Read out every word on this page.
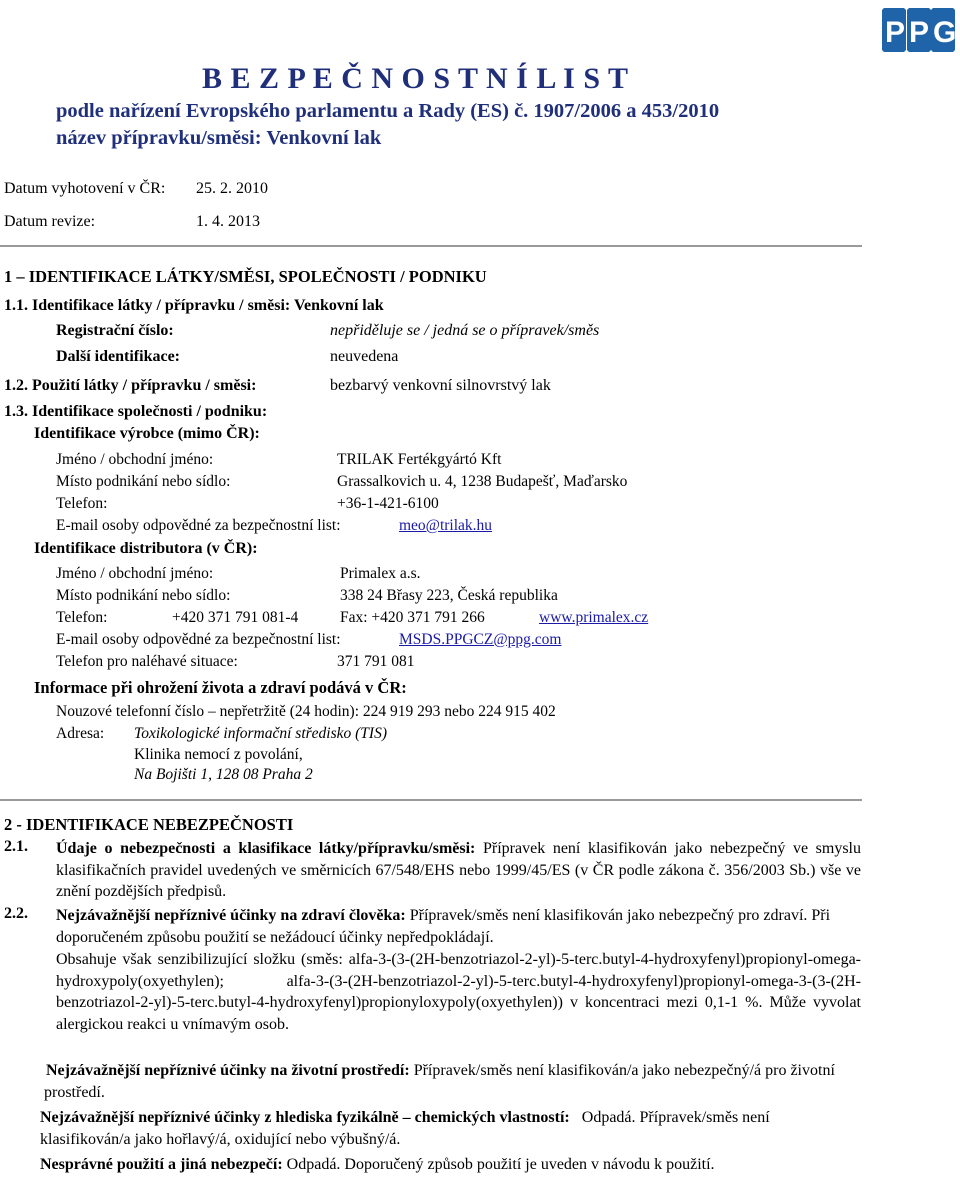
P P G
B E Z P E Č N O S T N Í L I S T
podle nařízení Evropského parlamentu a Rady (ES) č. 1907/2006 a 453/2010
název přípravku/směsi: Venkovní lak
Datum vyhotovení v ČR: 25. 2. 2010
Datum revize:	1. 4. 2013
1 – IDENTIFIKACE LÁTKY/SMĚSI, SPOLEČNOSTI / PODNIKU
1.1. Identifikace látky / přípravku / směsi: Venkovní lak
Registrační číslo:	nepřiděluje se / jedná se o přípravek/směs
Další identifikace:	neuvedena
1.2. Použití látky / přípravku / směsi:	bezbarvý venkovní silnovrstvý lak
1.3. Identifikace společnosti / podniku:
Identifikace výrobce (mimo ČR):
Jméno / obchodní jméno:	TRILAK Fertékgyártó Kft
Místo podnikání nebo sídlo:	Grassalkovich u. 4, 1238 Budapešť, Maďarsko
Telefon:	+36-1-421-6100
E-mail osoby odpovědné za bezpečnostní list:	meo@trilak.hu
Identifikace distributora (v ČR):
Jméno / obchodní jméno:	Primalex a.s.
Místo podnikání nebo sídlo:	338 24 Břasy 223, Česká republika
Telefon:	+420 371 791 081-4	Fax: +420 371 791 266	www.primalex.cz
E-mail osoby odpovědné za bezpečnostní list:	MSDS.PPGCZ@ppg.com
Telefon pro naléhavé situace:	371 791 081
Informace při ohrožení života a zdraví podává v ČR:
Nouzové telefonní číslo – nepřetržitě (24 hodin): 224 919 293 nebo 224 915 402
Adresa: Toxikologické informační středisko (TIS)
Klinika nemocí z povolání,
Na Bojišti 1, 128 08 Praha 2
2 - IDENTIFIKACE NEBEZPEČNOSTI
2.1. Údaje o nebezpečnosti a klasifikace látky/přípravku/směsi: Přípravek není klasifikován jako nebezpečný ve smyslu klasifikačních pravidel uvedených ve směrnicích 67/548/EHS nebo 1999/45/ES (v ČR podle zákona č. 356/2003 Sb.) vše ve znění pozdějších předpisů.
2.2. Nejzávažnější nepříznivé účinky na zdraví člověka: Přípravek/směs není klasifikován jako nebezpečný pro zdraví. Při doporučeném způsobu použití se nežádoucí účinky nepředpokládají.
Obsahuje však senzibilizující složku (směs: alfa-3-(3-(2H-benzotriazol-2-yl)-5-terc.butyl-4-hydroxyfenyl)propionyl-omega-hydroxypoly(oxyethylen); alfa-3-(3-(2H-benzotriazol-2-yl)-5-terc.butyl-4-hydroxyfenyl)propionyl-omega-3-(3-(2H-benzotriazol-2-yl)-5-terc.butyl-4-hydroxyfenyl)propionyloxypoly(oxyethylen)) v koncentraci mezi 0,1-1 %. Může vyvolat alergickou reakci u vnímavým osob.
Nejzávažnější nepříznivé účinky na životní prostředí: Přípravek/směs není klasifikován/a jako nebezpečný/á pro životní prostředí.
Nejzávažnější nepříznivé účinky z hlediska fyzikálně – chemických vlastností: Odpadá. Přípravek/směs není klasifikován/a jako hořlavý/á, oxidující nebo výbušný/á.
Nesprávné použití a jiná nebezpečí: Odpadá. Doporučený způsob použití je uveden v návodu k použití.
